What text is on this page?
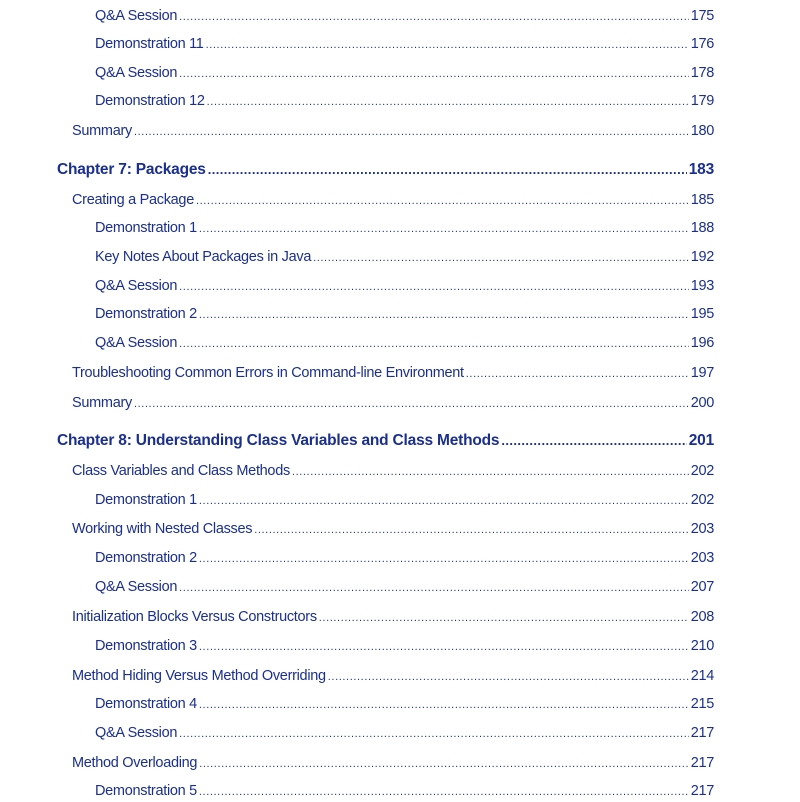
Q&A Session .....	175
Demonstration 11 .....	176
Q&A Session .....	178
Demonstration 12 .....	179
Summary .....	180
Chapter 7: Packages .....	183
Creating a Package .....	185
Demonstration 1 .....	188
Key Notes About Packages in Java .....	192
Q&A Session .....	193
Demonstration 2 .....	195
Q&A Session .....	196
Troubleshooting Common Errors in Command-line Environment .....	197
Summary .....	200
Chapter 8: Understanding Class Variables and Class Methods .....	201
Class Variables and Class Methods .....	202
Demonstration 1 .....	202
Working with Nested Classes .....	203
Demonstration 2 .....	203
Q&A Session .....	207
Initialization Blocks Versus Constructors .....	208
Demonstration 3 .....	210
Method Hiding Versus Method Overriding .....	214
Demonstration 4 .....	215
Q&A Session .....	217
Method Overloading .....	217
Demonstration 5 .....	217
